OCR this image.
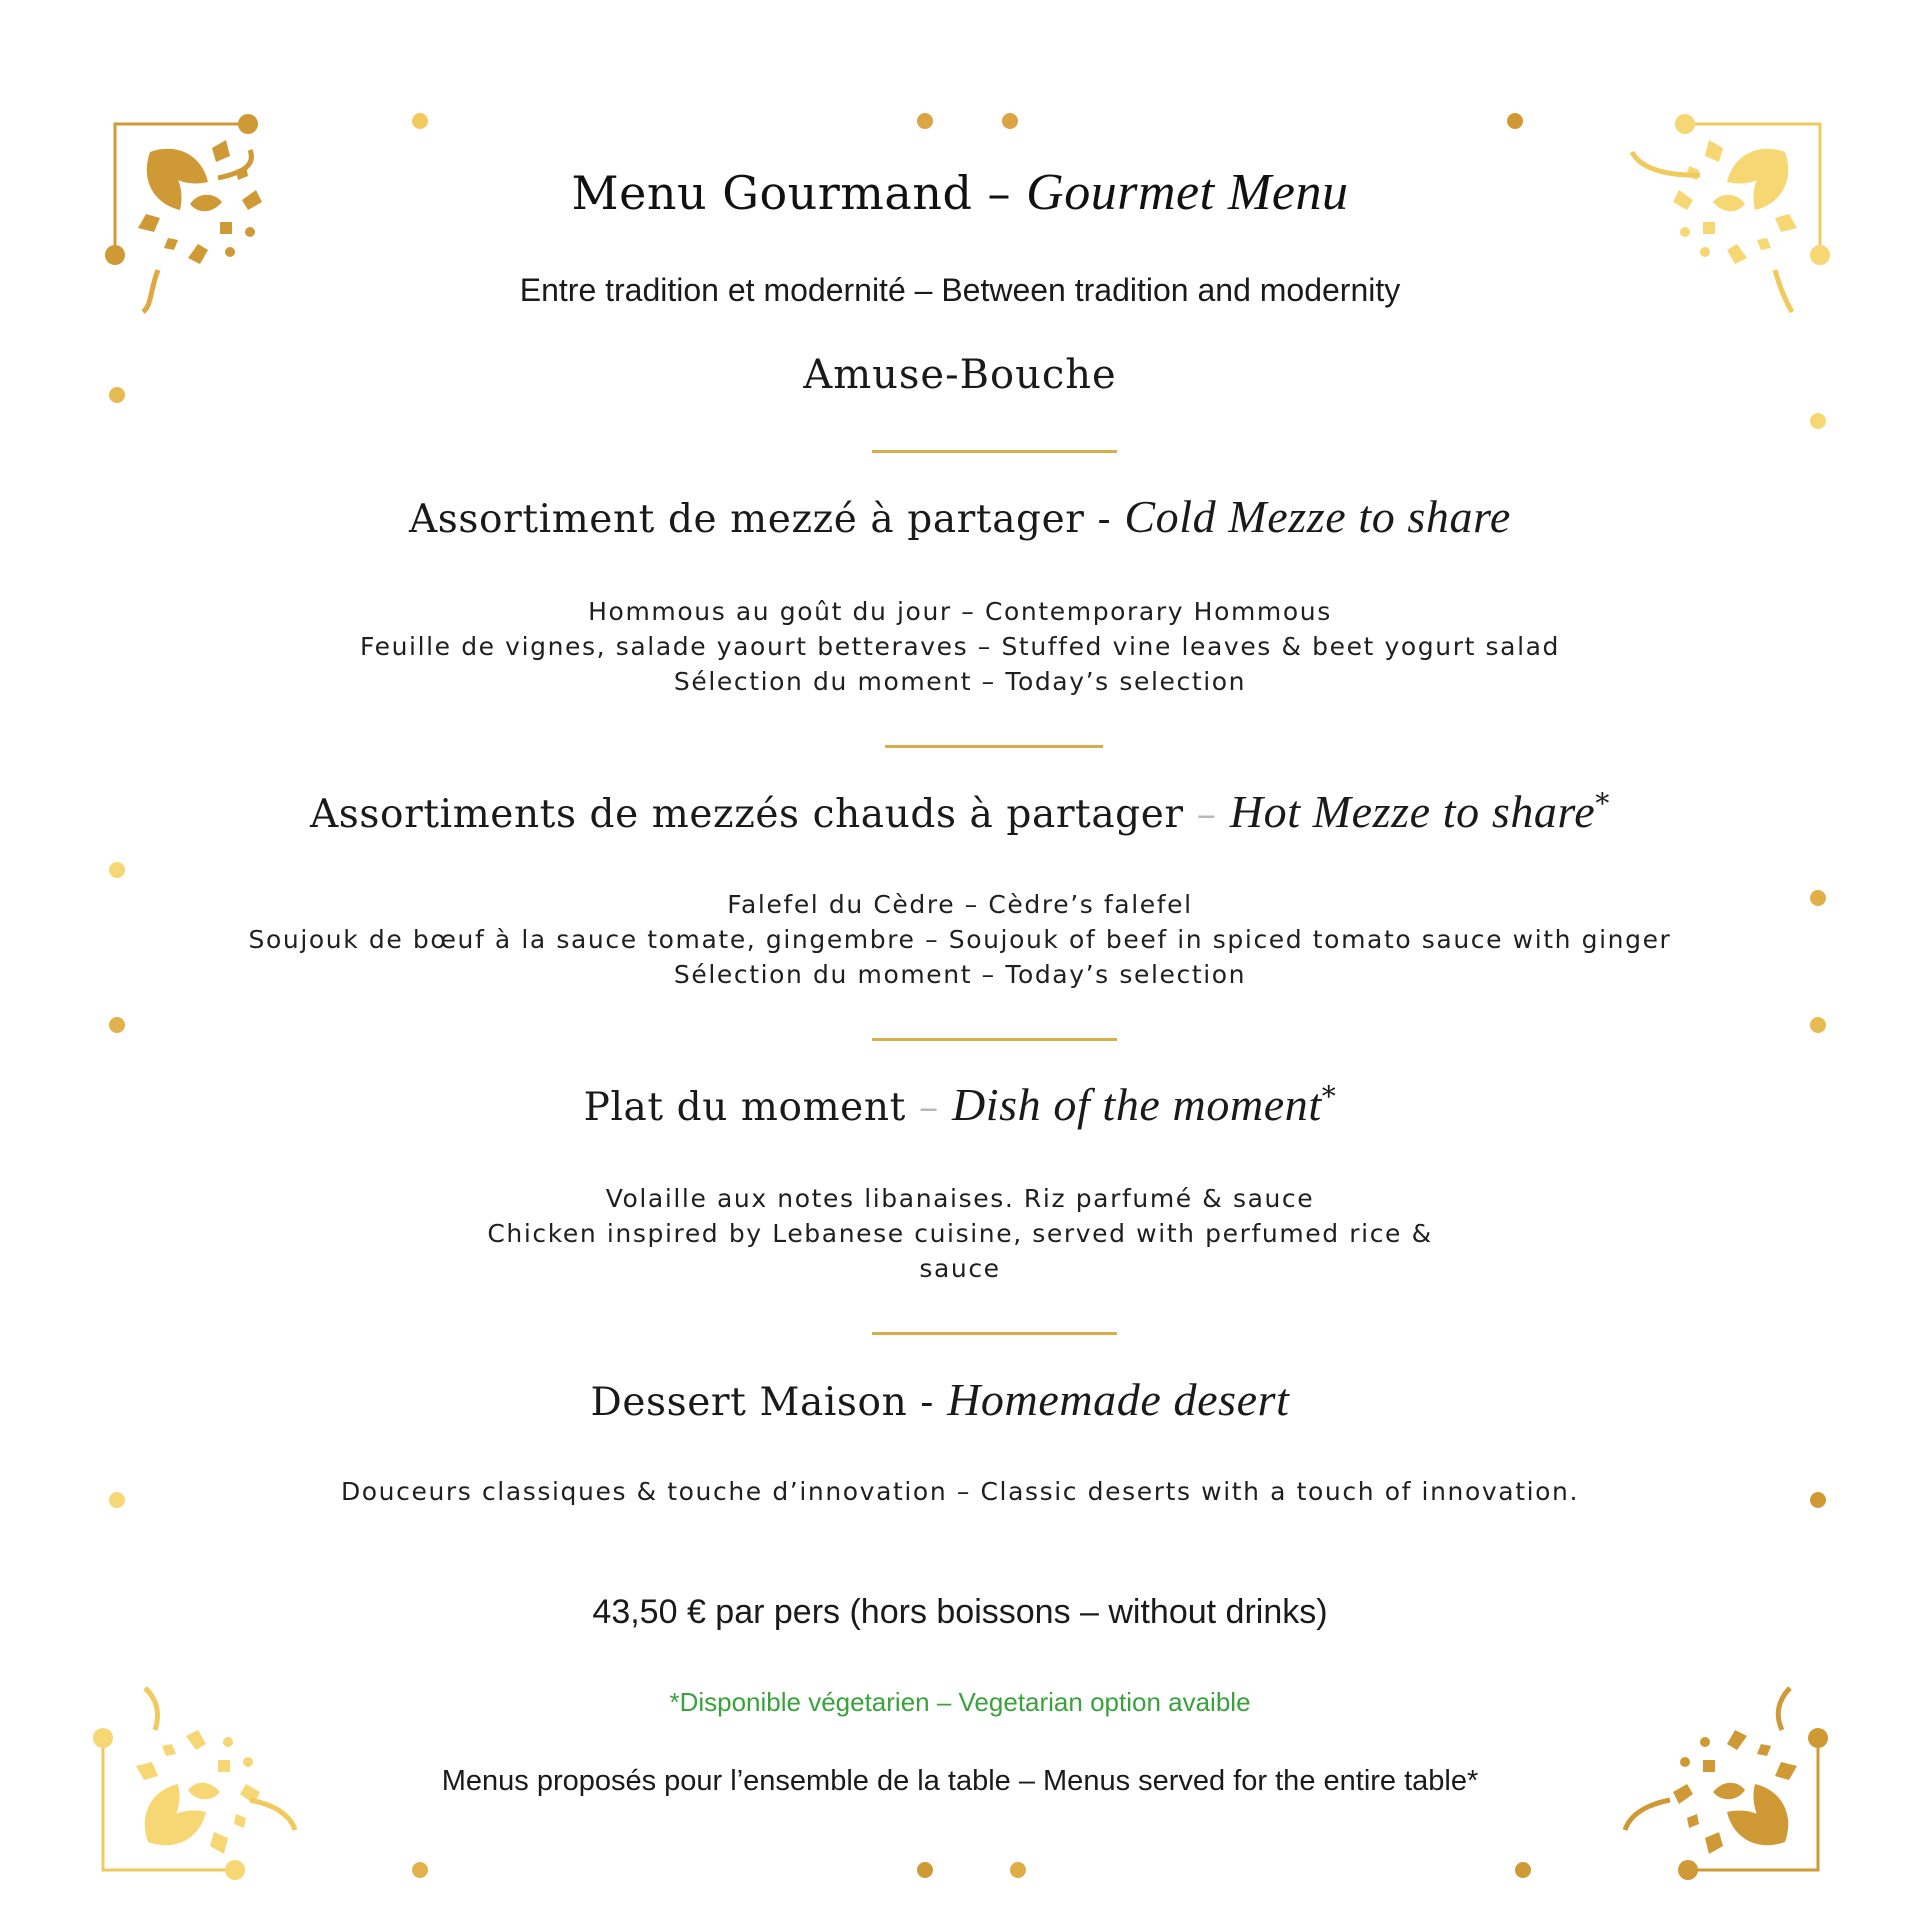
Menu Gourmand – Gourmet Menu
Entre tradition et modernité – Between tradition and modernity
Amuse-Bouche
Assortiment de mezzé à partager - Cold Mezze to share
Hommous au goût du jour – Contemporary Hommous
Feuille de vignes, salade yaourt betteraves – Stuffed vine leaves & beet yogurt salad
Sélection du moment – Today’s selection
Assortiments de mezzés chauds à partager – Hot Mezze to share*
Falefel du Cèdre – Cèdre’s falefel
Soujouk de bœuf à la sauce tomate, gingembre – Soujouk of beef in spiced tomato sauce with ginger
Sélection du moment – Today’s selection
Plat du moment – Dish of the moment*
Volaille aux notes libanaises. Riz parfumé & sauce
Chicken inspired by Lebanese cuisine, served with perfumed rice &
sauce
Dessert Maison - Homemade desert
Douceurs classiques & touche d’innovation – Classic deserts with a touch of innovation.
43,50 € par pers (hors boissons – without drinks)
*Disponible végetarien – Vegetarian option avaible
Menus proposés pour l’ensemble de la table – Menus served for the entire table*
